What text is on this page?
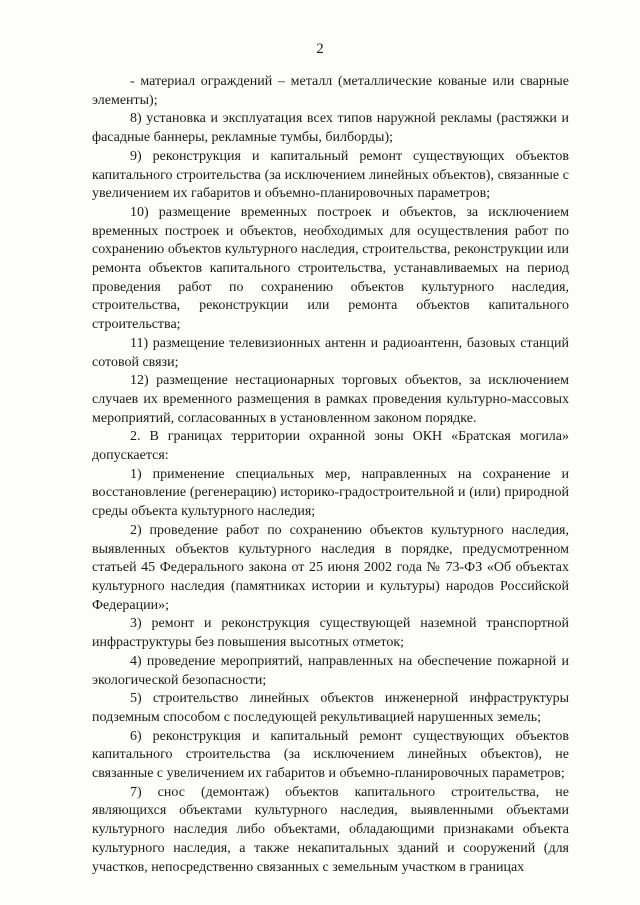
2

- материал ограждений – металл (металлические кованые или сварные элементы);

8) установка и эксплуатация всех типов наружной рекламы (растяжки и фасадные баннеры, рекламные тумбы, билборды);

9) реконструкция и капитальный ремонт существующих объектов капитального строительства (за исключением линейных объектов), связанные с увеличением их габаритов и объемно-планировочных параметров;

10) размещение временных построек и объектов, за исключением временных построек и объектов, необходимых для осуществления работ по сохранению объектов культурного наследия, строительства, реконструкции или ремонта объектов капитального строительства, устанавливаемых на период проведения работ по сохранению объектов культурного наследия, строительства, реконструкции или ремонта объектов капитального строительства;

11) размещение телевизионных антенн и радиоантенн, базовых станций сотовой связи;

12) размещение нестационарных торговых объектов, за исключением случаев их временного размещения в рамках проведения культурно-массовых мероприятий, согласованных в установленном законом порядке.

2. В границах территории охранной зоны ОКН «Братская могила» допускается:

1) применение специальных мер, направленных на сохранение и восстановление (регенерацию) историко-градостроительной и (или) природной среды объекта культурного наследия;

2) проведение работ по сохранению объектов культурного наследия, выявленных объектов культурного наследия в порядке, предусмотренном статьей 45 Федерального закона от 25 июня 2002 года № 73-ФЗ «Об объектах культурного наследия (памятниках истории и культуры) народов Российской Федерации»;

3) ремонт и реконструкция существующей наземной транспортной инфраструктуры без повышения высотных отметок;

4) проведение мероприятий, направленных на обеспечение пожарной и экологической безопасности;

5) строительство линейных объектов инженерной инфраструктуры подземным способом с последующей рекультивацией нарушенных земель;

6) реконструкция и капитальный ремонт существующих объектов капитального строительства (за исключением линейных объектов), не связанные с увеличением их габаритов и объемно-планировочных параметров;

7) снос (демонтаж) объектов капитального строительства, не являющихся объектами культурного наследия, выявленными объектами культурного наследия либо объектами, обладающими признаками объекта культурного наследия, а также некапитальных зданий и сооружений (для участков, непосредственно связанных с земельным участком в границах
